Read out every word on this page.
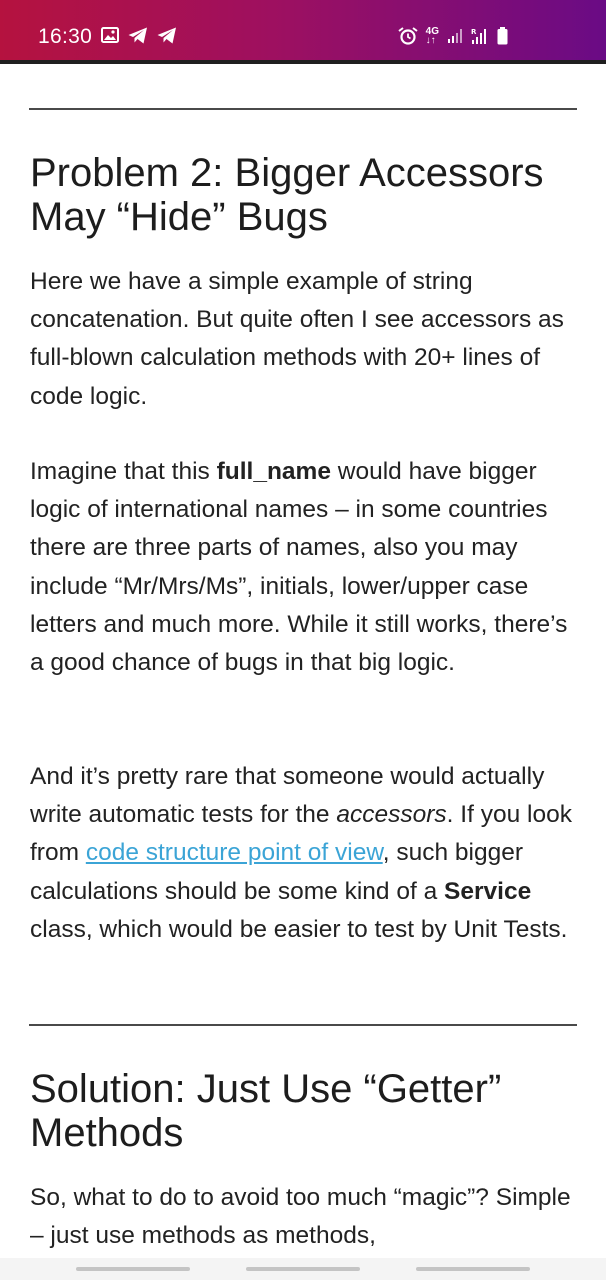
16:30	4G
↓↑
R
Problem 2: Bigger Accessors May “Hide” Bugs

Here we have a simple example of string concatenation. But quite often I see accessors as full-blown calculation methods with 20+ lines of code logic.

Imagine that this full_name would have bigger logic of international names – in some countries there are three parts of names, also you may include “Mr/Mrs/Ms”, initials, lower/upper case letters and much more. While it still works, there’s a good chance of bugs in that big logic.

And it’s pretty rare that someone would actually write automatic tests for the accessors. If you look from code structure point of view, such bigger calculations should be some kind of a Service class, which would be easier to test by Unit Tests.

Solution: Just Use “Getter” Methods

So, what to do to avoid too much “magic”? Simple – just use methods as methods,
